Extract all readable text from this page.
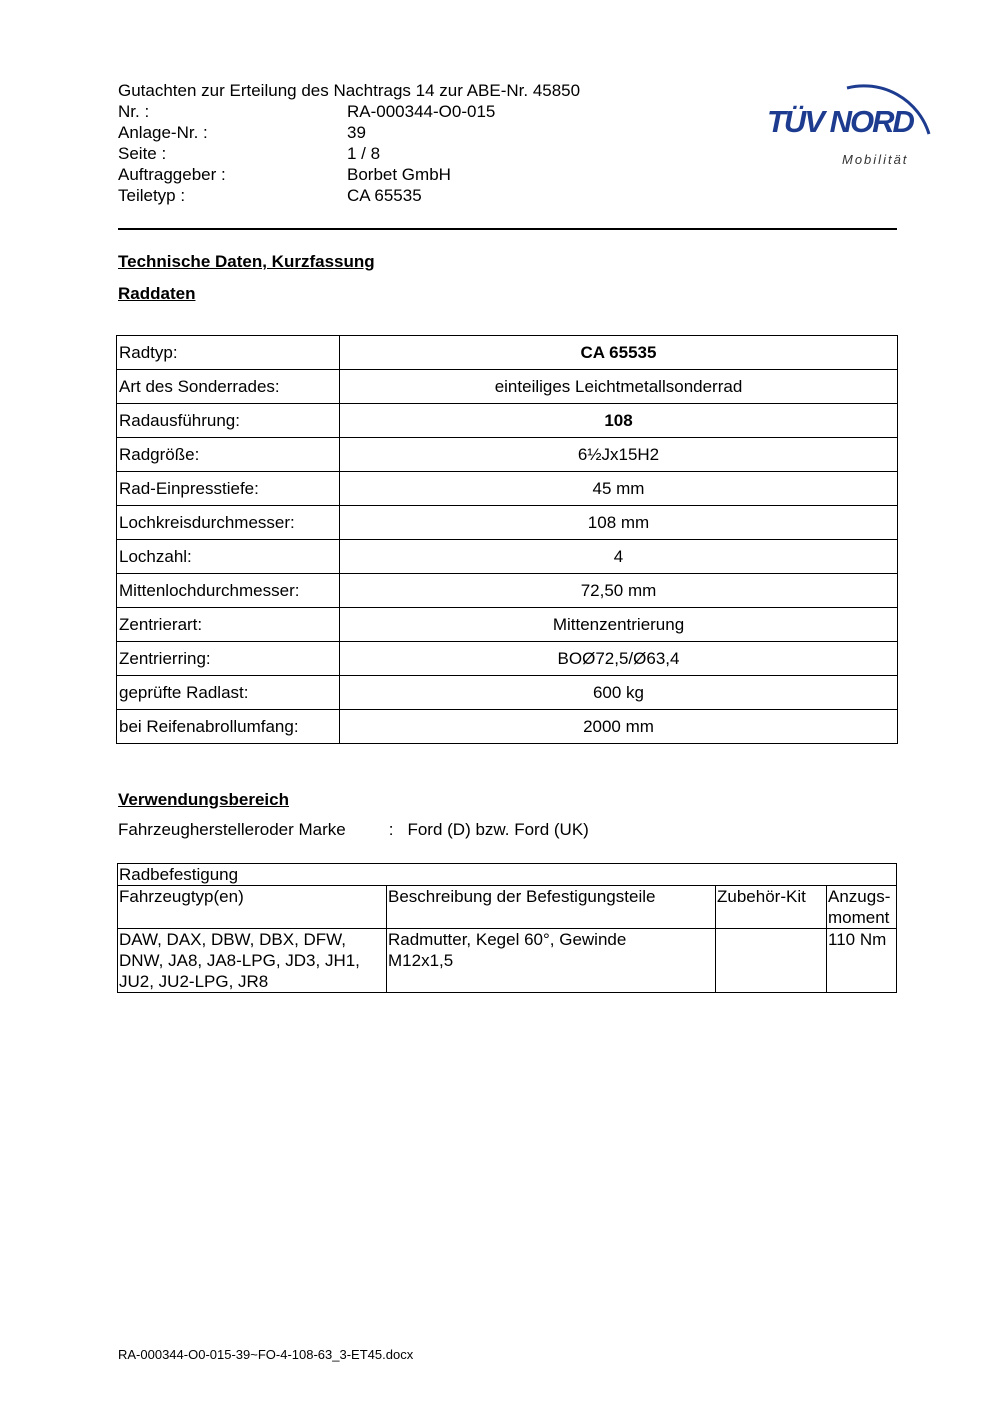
Gutachten zur Erteilung des Nachtrags 14 zur ABE-Nr. 45850
Nr. :	RA-000344-O0-015
Anlage-Nr. :	39
Seite :	1 / 8
Auftraggeber :	Borbet GmbH
Teiletyp :	CA 65535
TÜV NORD
Mobilität
Technische Daten, Kurzfassung
Raddaten
Radtyp:	CA 65535
Art des Sonderrades:	einteiliges Leichtmetallsonderrad
Radausführung:	108
Radgröße:	6½Jx15H2
Rad-Einpresstiefe:	45 mm
Lochkreisdurchmesser:	108 mm
Lochzahl:	4
Mittenlochdurchmesser:	72,50 mm
Zentrierart:	Mittenzentrierung
Zentrierring:	BOØ72,5/Ø63,4
geprüfte Radlast:	600 kg
bei Reifenabrollumfang:	2000 mm
Verwendungsbereich
Fahrzeugherstelleroder Marke	: Ford (D) bzw. Ford (UK)
Radbefestigung			
Fahrzeugtyp(en)	Beschreibung der Befestigungsteile	Zubehör-Kit	Anzugs-
moment
DAW, DAX, DBW, DBX, DFW,
DNW, JA8, JA8-LPG, JD3, JH1,
JU2, JU2-LPG, JR8	Radmutter, Kegel 60°, Gewinde
M12x1,5		110 Nm
RA-000344-O0-015-39~FO-4-108-63_3-ET45.docx
